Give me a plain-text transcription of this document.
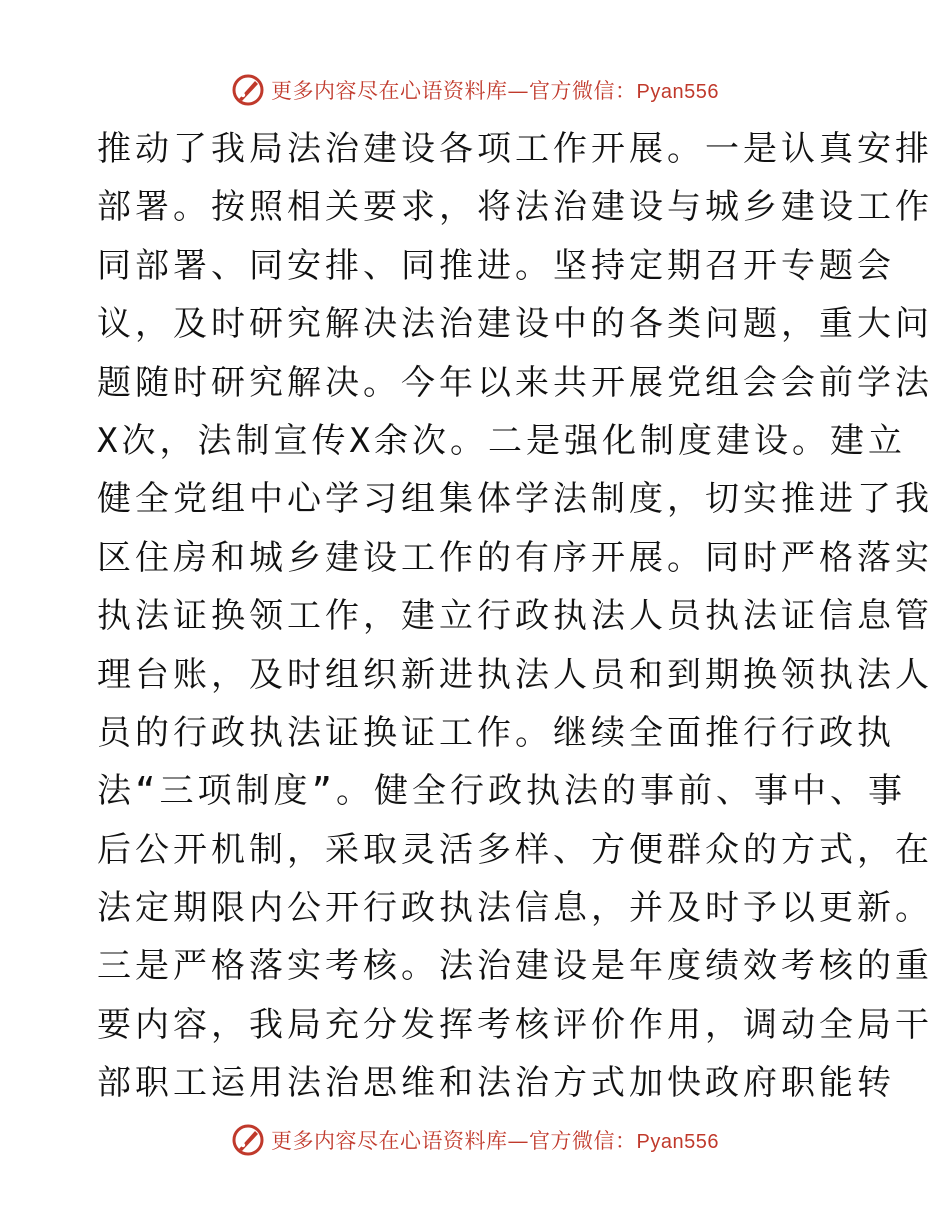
更多内容尽在心语资料库—官方微信：Pyan556
推动了我局法治建设各项工作开展。一是认真安排
部署。按照相关要求，将法治建设与城乡建设工作
同部署、同安排、同推进。坚持定期召开专题会
议，及时研究解决法治建设中的各类问题，重大问
题随时研究解决。今年以来共开展党组会会前学法
X次，法制宣传X余次。二是强化制度建设。建立
健全党组中心学习组集体学法制度，切实推进了我
区住房和城乡建设工作的有序开展。同时严格落实
执法证换领工作，建立行政执法人员执法证信息管
理台账，及时组织新进执法人员和到期换领执法人
员的行政执法证换证工作。继续全面推行行政执
法“三项制度”。健全行政执法的事前、事中、事
后公开机制，采取灵活多样、方便群众的方式，在
法定期限内公开行政执法信息，并及时予以更新。
三是严格落实考核。法治建设是年度绩效考核的重
要内容，我局充分发挥考核评价作用，调动全局干
部职工运用法治思维和法治方式加快政府职能转
更多内容尽在心语资料库—官方微信：Pyan556
